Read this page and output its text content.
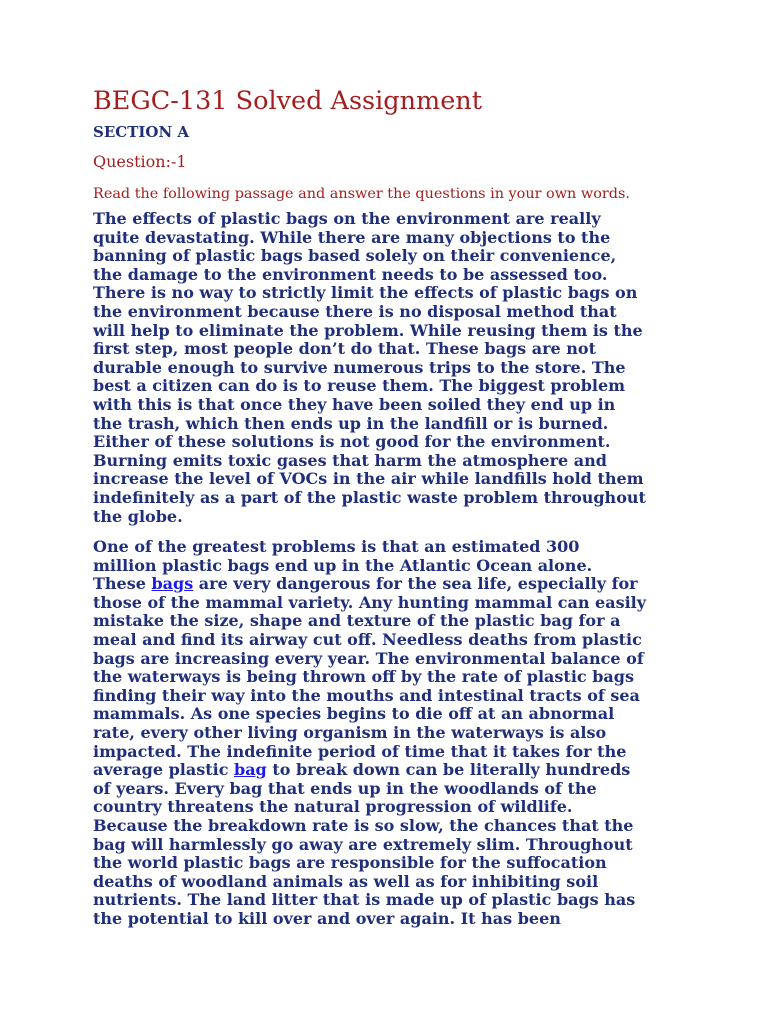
BEGC-131 Solved Assignment
SECTION A
Question:-1
Read the following passage and answer the questions in your own words.
The effects of plastic bags on the environment are really
quite devastating. While there are many objections to the
banning of plastic bags based solely on their convenience,
the damage to the environment needs to be assessed too.
There is no way to strictly limit the effects of plastic bags on
the environment because there is no disposal method that
will help to eliminate the problem. While reusing them is the
first step, most people don’t do that. These bags are not
durable enough to survive numerous trips to the store. The
best a citizen can do is to reuse them. The biggest problem
with this is that once they have been soiled they end up in
the trash, which then ends up in the landfill or is burned.
Either of these solutions is not good for the environment.
Burning emits toxic gases that harm the atmosphere and
increase the level of VOCs in the air while landfills hold them
indefinitely as a part of the plastic waste problem throughout
the globe.
One of the greatest problems is that an estimated 300
million plastic bags end up in the Atlantic Ocean alone.
These bags are very dangerous for the sea life, especially for
those of the mammal variety. Any hunting mammal can easily
mistake the size, shape and texture of the plastic bag for a
meal and find its airway cut off. Needless deaths from plastic
bags are increasing every year. The environmental balance of
the waterways is being thrown off by the rate of plastic bags
finding their way into the mouths and intestinal tracts of sea
mammals. As one species begins to die off at an abnormal
rate, every other living organism in the waterways is also
impacted. The indefinite period of time that it takes for the
average plastic bag to break down can be literally hundreds
of years. Every bag that ends up in the woodlands of the
country threatens the natural progression of wildlife.
Because the breakdown rate is so slow, the chances that the
bag will harmlessly go away are extremely slim. Throughout
the world plastic bags are responsible for the suffocation
deaths of woodland animals as well as for inhibiting soil
nutrients. The land litter that is made up of plastic bags has
the potential to kill over and over again. It has been
